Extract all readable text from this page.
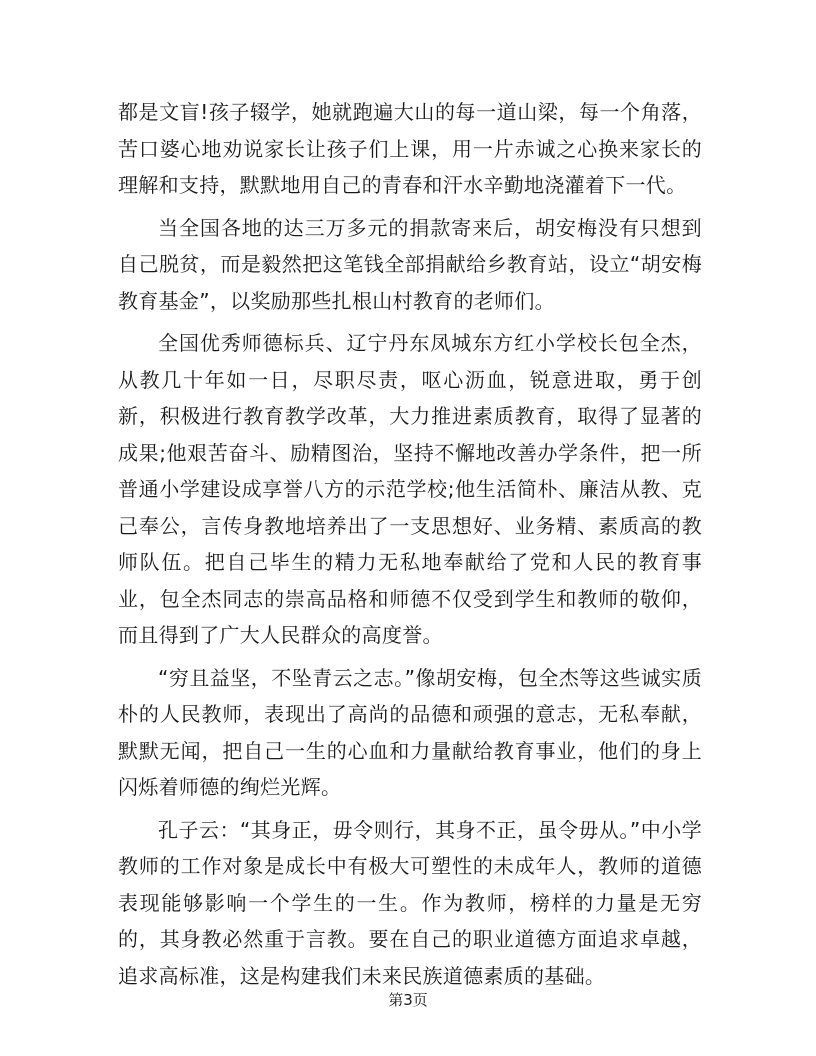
都是文盲!孩子辍学，她就跑遍大山的每一道山梁，每一个角落，苦口婆心地劝说家长让孩子们上课，用一片赤诚之心换来家长的理解和支持，默默地用自己的青春和汗水辛勤地浇灌着下一代。

当全国各地的达三万多元的捐款寄来后，胡安梅没有只想到自己脱贫，而是毅然把这笔钱全部捐献给乡教育站，设立“胡安梅教育基金”，以奖励那些扎根山村教育的老师们。

全国优秀师德标兵、辽宁丹东凤城东方红小学校长包全杰，从教几十年如一日，尽职尽责，呕心沥血，锐意进取，勇于创新，积极进行教育教学改革，大力推进素质教育，取得了显著的成果;他艰苦奋斗、励精图治，坚持不懈地改善办学条件，把一所普通小学建设成享誉八方的示范学校;他生活简朴、廉洁从教、克己奉公，言传身教地培养出了一支思想好、业务精、素质高的教师队伍。把自己毕生的精力无私地奉献给了党和人民的教育事业，包全杰同志的崇高品格和师德不仅受到学生和教师的敬仰，而且得到了广大人民群众的高度誉。

“穷且益坚，不坠青云之志。”像胡安梅，包全杰等这些诚实质朴的人民教师，表现出了高尚的品德和顽强的意志，无私奉献，默默无闻，把自己一生的心血和力量献给教育事业，他们的身上闪烁着师德的绚烂光辉。

孔子云：“其身正，毋令则行，其身不正，虽令毋从。”中小学教师的工作对象是成长中有极大可塑性的未成年人，教师的道德表现能够影响一个学生的一生。作为教师，榜样的力量是无穷的，其身教必然重于言教。要在自己的职业道德方面追求卓越，追求高标准，这是构建我们未来民族道德素质的基础。

第3页
